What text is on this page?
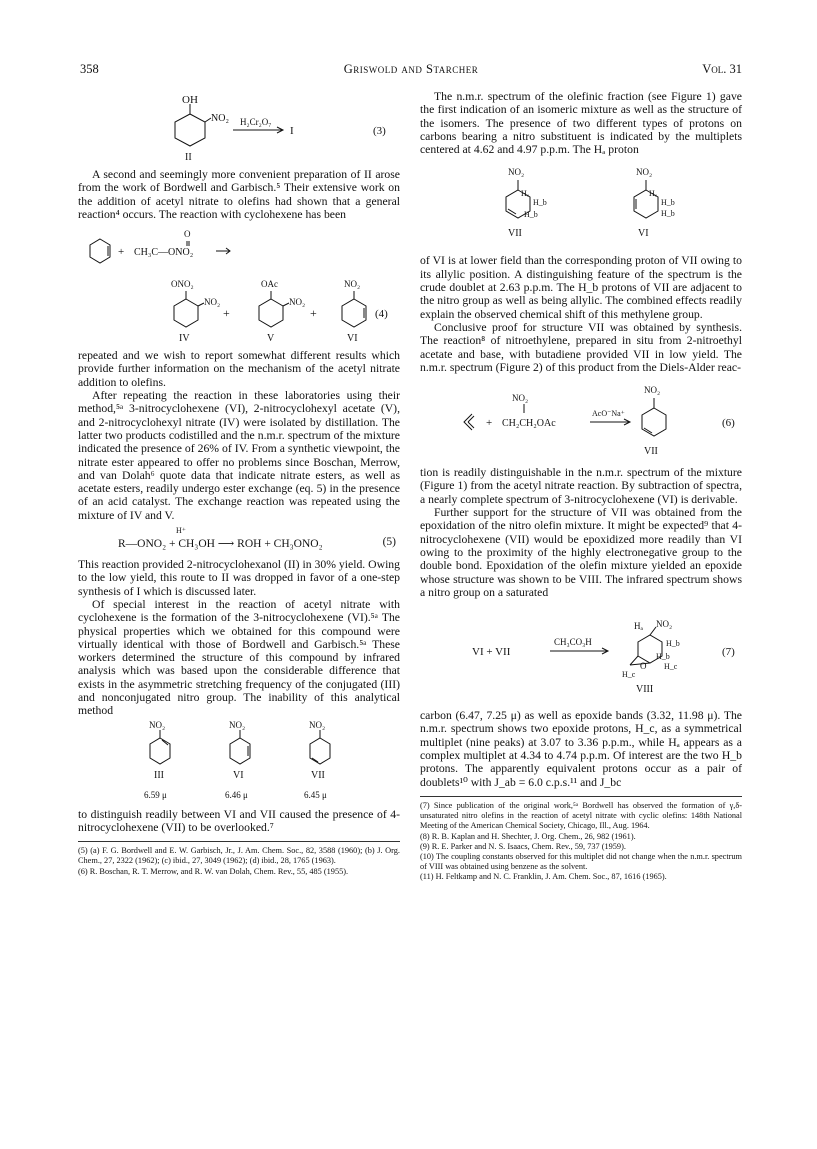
358	Griswold and Starcher	Vol. 31
OH
NO₂ H₂Cr₂O₇
I
II
(3)

A second and seemingly more convenient preparation of II arose from the work of Bordwell and Garbisch.⁵ Their extensive work on the addition of acetyl nitrate to olefins had shown that a general reaction⁴ occurs. The reaction with cyclohexene has been

+
O
CH₃C—ONO₂
ONO₂
NO₂
IV
+
OAc
NO₂
V
+
NO₂
VI
(4)

repeated and we wish to report somewhat different results which provide further information on the mechanism of the acetyl nitrate addition to olefins.

After repeating the reaction in these laboratories using their method,⁵ᵃ 3-nitrocyclohexene (VI), 2-nitrocyclohexyl acetate (V), and 2-nitrocyclohexyl nitrate (IV) were isolated by distillation. The latter two products codistilled and the n.m.r. spectrum of the mixture indicated the presence of 26% of IV. From a synthetic viewpoint, the nitrate ester appeared to offer no problems since Boschan, Merrow, and van Dolah⁶ quote data that indicate nitrate esters, as well as acetate esters, readily undergo ester exchange (eq. 5) in the presence of an acid catalyst. The exchange reaction was repeated using the mixture of IV and V.

H⁺
R—ONO₂ + CH₃OH ⟶ ROH + CH₃ONO₂	(5)

This reaction provided 2-nitrocyclohexanol (II) in 30% yield. Owing to the low yield, this route to II was dropped in favor of a one-step synthesis of I which is discussed later.

Of special interest in the reaction of acetyl nitrate with cyclohexene is the formation of the 3-nitrocyclohexene (VI).⁵ᵃ The physical properties which we obtained for this compound were virtually identical with those of Bordwell and Garbisch.⁵ᵃ These workers determined the structure of this compound by infrared analysis which was based upon the considerable difference that exists in the asymmetric stretching frequency of the conjugated (III) and nonconjugated nitro group. The inability of this analytical method

NO₂	NO₂	NO₂
III	VI	VII
6.59 μ	6.46 μ	6.45 μ

to distinguish readily between VI and VII caused the presence of 4-nitrocyclohexene (VII) to be overlooked.⁷

(5) (a) F. G. Bordwell and E. W. Garbisch, Jr., J. Am. Chem. Soc., 82, 3588 (1960); (b) J. Org. Chem., 27, 2322 (1962); (c) ibid., 27, 3049 (1962); (d) ibid., 28, 1765 (1963).

(6) R. Boschan, R. T. Merrow, and R. W. van Dolah, Chem. Rev., 55, 485 (1955).

The n.m.r. spectrum of the olefinic fraction (see Figure 1) gave the first indication of an isomeric mixture as well as the structure of the isomers. The presence of two different types of protons on carbons bearing a nitro substituent is indicated by the multiplets centered at 4.62 and 4.97 p.p.m. The Hₐ proton

NO₂
Hₐ
H_b
H_b
VII
NO₂
Hₐ
H_b
H_b
VI

of VI is at lower field than the corresponding proton of VII owing to its allylic position. A distinguishing feature of the spectrum is the crude doublet at 2.63 p.p.m. The H_b protons of VII are adjacent to the nitro group as well as being allylic. The combined effects readily explain the observed chemical shift of this methylene group.

Conclusive proof for structure VII was obtained by synthesis. The reaction⁸ of nitroethylene, prepared in situ from 2-nitroethyl acetate and base, with butadiene provided VII in low yield. The n.m.r. spectrum (Figure 2) of this product from the Diels-Alder reac-

NO₂
+ CH₂CH₂OAc
AcO⁻Na⁺
NO₂
VII
(6)

tion is readily distinguishable in the n.m.r. spectrum of the mixture (Figure 1) from the acetyl nitrate reaction. By subtraction of spectra, a nearly complete spectrum of 3-nitrocyclohexene (VI) is derivable.

Further support for the structure of VII was obtained from the epoxidation of the nitro olefin mixture. It might be expected⁹ that 4-nitrocyclohexene (VII) would be epoxidized more readily than VI owing to the proximity of the highly electronegative group to the double bond. Epoxidation of the olefin mixture yielded an epoxide whose structure was shown to be VIII. The infrared spectrum shows a nitro group on a saturated

VI + VII
CH₃CO₃H
Hₐ NO₂
H_b
H_b
H_c
H_c
O
VIII
(7)

carbon (6.47, 7.25 μ) as well as epoxide bands (3.32, 11.98 μ). The n.m.r. spectrum shows two epoxide protons, H_c, as a symmetrical multiplet (nine peaks) at 3.07 to 3.36 p.p.m., while Hₐ appears as a complex multiplet at 4.34 to 4.74 p.p.m. Of interest are the two H_b protons. The apparently equivalent protons occur as a pair of doublets¹⁰ with J_ab = 6.0 c.p.s.¹¹ and J_bc

(7) Since publication of the original work,⁵ᵃ Bordwell has observed the formation of γ,δ-unsaturated nitro olefins in the reaction of acetyl nitrate with cyclic olefins: 148th National Meeting of the American Chemical Society, Chicago, Ill., Aug. 1964.

(8) R. B. Kaplan and H. Shechter, J. Org. Chem., 26, 982 (1961).

(9) R. E. Parker and N. S. Isaacs, Chem. Rev., 59, 737 (1959).

(10) The coupling constants observed for this multiplet did not change when the n.m.r. spectrum of VIII was obtained using benzene as the solvent.

(11) H. Feltkamp and N. C. Franklin, J. Am. Chem. Soc., 87, 1616 (1965).
